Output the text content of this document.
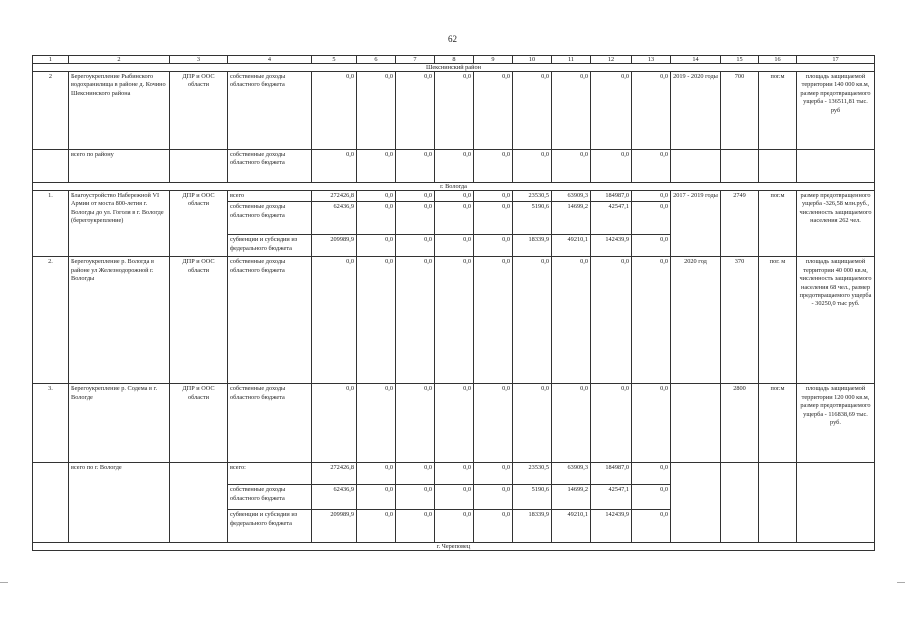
62
1	2	3	4	5	6	7	8	9	10	11	12	13	14	15	16	17
Шекснинский район																
2	Берегоукрепление Рыбинского водохранилища в районе д. Кочино Шекснинского района	ДПР и ООС области	собственные доходы областного бюджета	0,0	0,0	0,0	0,0	0,0	0,0	0,0	0,0	0,0	2019 - 2020 годы	700	пог.м	площадь защищаемой территории 140 000 кв.м, размер предотвращаемого ущерба - 136511,81 тыс. руб
	всего по району		собственные доходы областного бюджета	0,0	0,0	0,0	0,0	0,0	0,0	0,0	0,0	0,0				
г. Вологда																
1.	Благоустройство Набережной VI Армии от моста 800-летия г. Вологды до ул. Гоголя в г. Вологде (берегоукрепление)	ДПР и ООС области	всего	272426,8	0,0	0,0	0,0	0,0	23530,5	63909,3	184987,0	0,0	2017 - 2019 годы	2749	пог.м	размер предотвращенного ущерба -326,58 млн.руб., численность защищаемого населения 262 чел.
			собственные доходы областного бюджета	62436,9	0,0	0,0	0,0	0,0	5190,6	14699,2	42547,1	0,0				
			субвенции и субсидии из федерального бюджета	209989,9	0,0	0,0	0,0	0,0	18339,9	49210,1	142439,9	0,0				
2.	Берегоукрепление р. Вологда в районе ул Железнодорожной г. Вологды	ДПР и ООС области	собственные доходы областного бюджета	0,0	0,0	0,0	0,0	0,0	0,0	0,0	0,0	0,0	2020 год	370	пог. м	площадь защищаемой территории 40 000 кв.м, численность защищаемого населения 68 чел., размер предотвращаемого ущерба - 30250,0 тыс руб.
3.	Берегоукрепление р. Содема в г. Вологде	ДПР и ООС области	собственные доходы областного бюджета	0,0	0,0	0,0	0,0	0,0	0,0	0,0	0,0	0,0		2800	пог.м	площадь защищаемой территории 120 000 кв.м, размер предотвращаемого ущерба - 116838,69 тыс. руб.
	всего по г. Вологде		всего:	272426,8	0,0	0,0	0,0	0,0	23530,5	63909,3	184987,0	0,0				
			собственные доходы областного бюджета	62436,9	0,0	0,0	0,0	0,0	5190,6	14699,2	42547,1	0,0				
			субвенции и субсидии из федерального бюджета	209989,9	0,0	0,0	0,0	0,0	18339,9	49210,1	142439,9	0,0				
г. Череповец																
